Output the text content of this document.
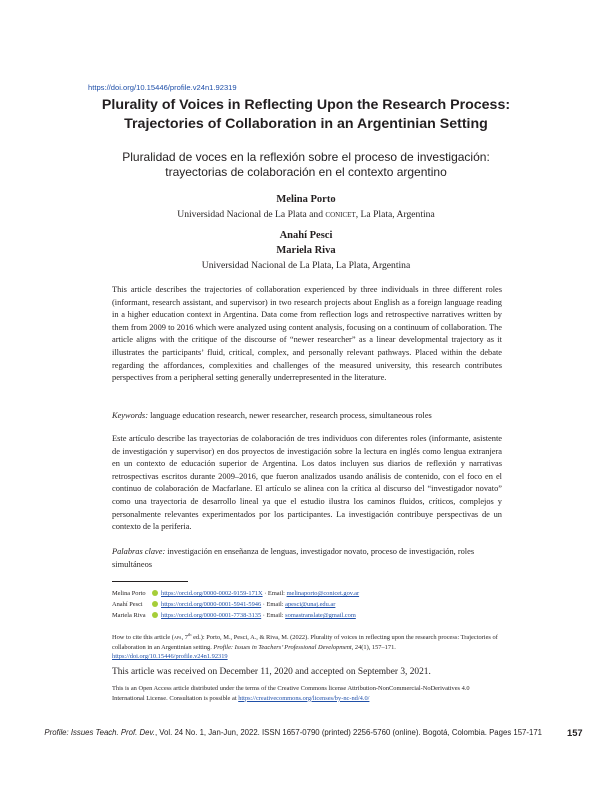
https://doi.org/10.15446/profile.v24n1.92319
Plurality of Voices in Reflecting Upon the Research Process:
Trajectories of Collaboration in an Argentinian Setting
Pluralidad de voces en la reflexión sobre el proceso de investigación:
trayectorias de colaboración en el contexto argentino
Melina Porto
Universidad Nacional de La Plata and conicet, La Plata, Argentina
Anahí Pesci
Mariela Riva
Universidad Nacional de La Plata, La Plata, Argentina
This article describes the trajectories of collaboration experienced by three individuals in three different roles (informant, research assistant, and supervisor) in two research projects about English as a foreign language reading in a higher education context in Argentina. Data come from reflection logs and retrospective narratives written by them from 2009 to 2016 which were analyzed using content analysis, focusing on a continuum of collaboration. The article aligns with the critique of the discourse of “newer researcher” as a linear developmental trajectory as it illustrates the participants’ fluid, critical, complex, and personally relevant pathways. Placed within the debate regarding the affordances, complexities and challenges of the measured university, this research contributes perspectives from a peripheral setting generally underrepresented in the literature.
Keywords: language education research, newer researcher, research process, simultaneous roles
Este artículo describe las trayectorias de colaboración de tres individuos con diferentes roles (informante, asistente de investigación y supervisor) en dos proyectos de investigación sobre la lectura en inglés como lengua extranjera en un contexto de educación superior de Argentina. Los datos incluyen sus diarios de reflexión y narrativas retrospectivas escritos durante 2009–2016, que fueron analizados usando análisis de contenido, con el foco en el continuo de colaboración de Macfarlane. El artículo se alinea con la crítica al discurso del “investigador novato” como una trayectoria de desarrollo lineal ya que el estudio ilustra los caminos fluidos, críticos, complejos y personalmente relevantes experimentados por los participantes. La investigación contribuye perspectivas de un contexto de la periferia.
Palabras clave: investigación en enseñanza de lenguas, investigador novato, proceso de investigación, roles simultáneos
Melina Porto https://orcid.org/0000-0002-9159-171X · Email: melinaporto@conicet.gov.ar
Anahí Pesci	https://orcid.org/0000-0001-5941-5946 · Email: apesci@unaj.edu.ar
Mariela Riva https://orcid.org/0000-0001-7738-3135 · Email: somastranslate@gmail.com
How to cite this article (apa, 7th ed.): Porto, M., Pesci, A., & Riva, M. (2022). Plurality of voices in reflecting upon the research process: Trajectories of collaboration in an Argentinian setting. Profile: Issues in Teachers’ Professional Development, 24(1), 157–171. https://doi.org/10.15446/profile.v24n1.92319
This article was received on December 11, 2020 and accepted on September 3, 2021.
This is an Open Access article distributed under the terms of the Creative Commons license Attribution-NonCommercial-NoDerivatives 4.0 International License. Consultation is possible at https://creativecommons.org/licenses/by-nc-nd/4.0/
Profile: Issues Teach. Prof. Dev., Vol. 24 No. 1, Jan-Jun, 2022. ISSN 1657-0790 (printed) 2256-5760 (online). Bogotá, Colombia. Pages 157-171	157
